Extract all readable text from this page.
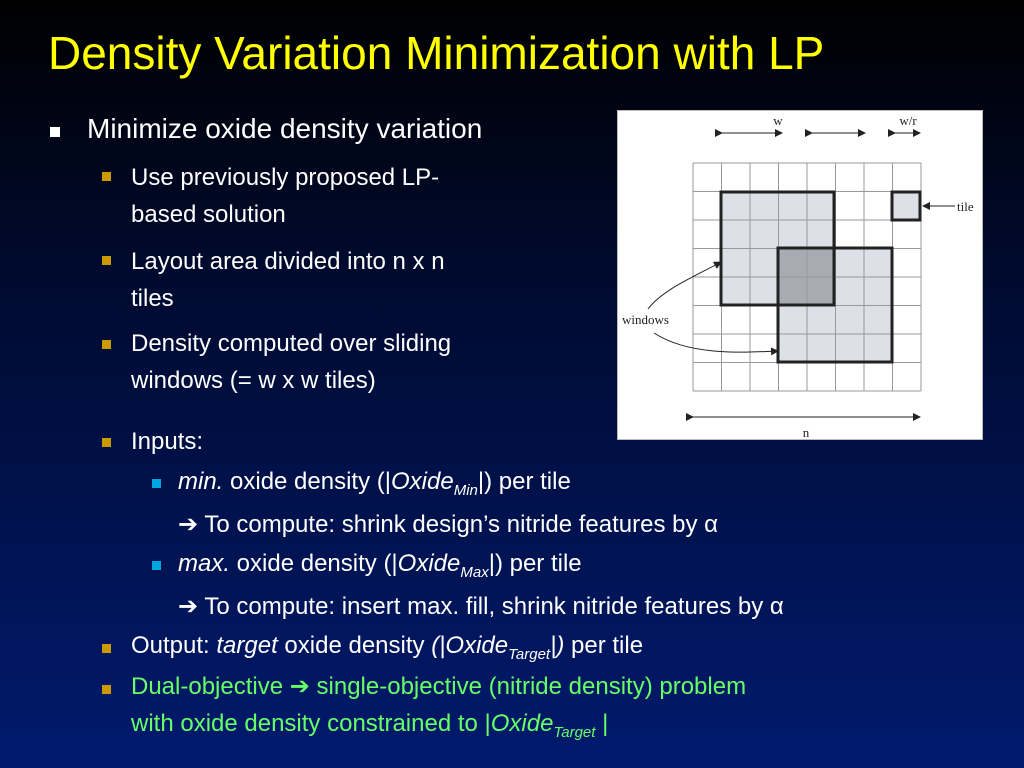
Density Variation Minimization with LP
Minimize oxide density variation
Use previously proposed LP-
based solution
Layout area divided into n x n
tiles
Density computed over sliding
windows (= w x w tiles)
Inputs:
min. oxide density (|Oxide$_{Min}$|) per tile
➔ To compute: shrink design’s nitride features by α
max. oxide density (|Oxide$_{Max}$|) per tile
➔ To compute: insert max. fill, shrink nitride features by α
Output: target oxide density (|Oxide$_{Target}$|) per tile
Dual-objective ➔ single-objective (nitride density) problem
with oxide density constrained to |Oxide$_{Target}$ |
w	w/r
tile
windows
n
